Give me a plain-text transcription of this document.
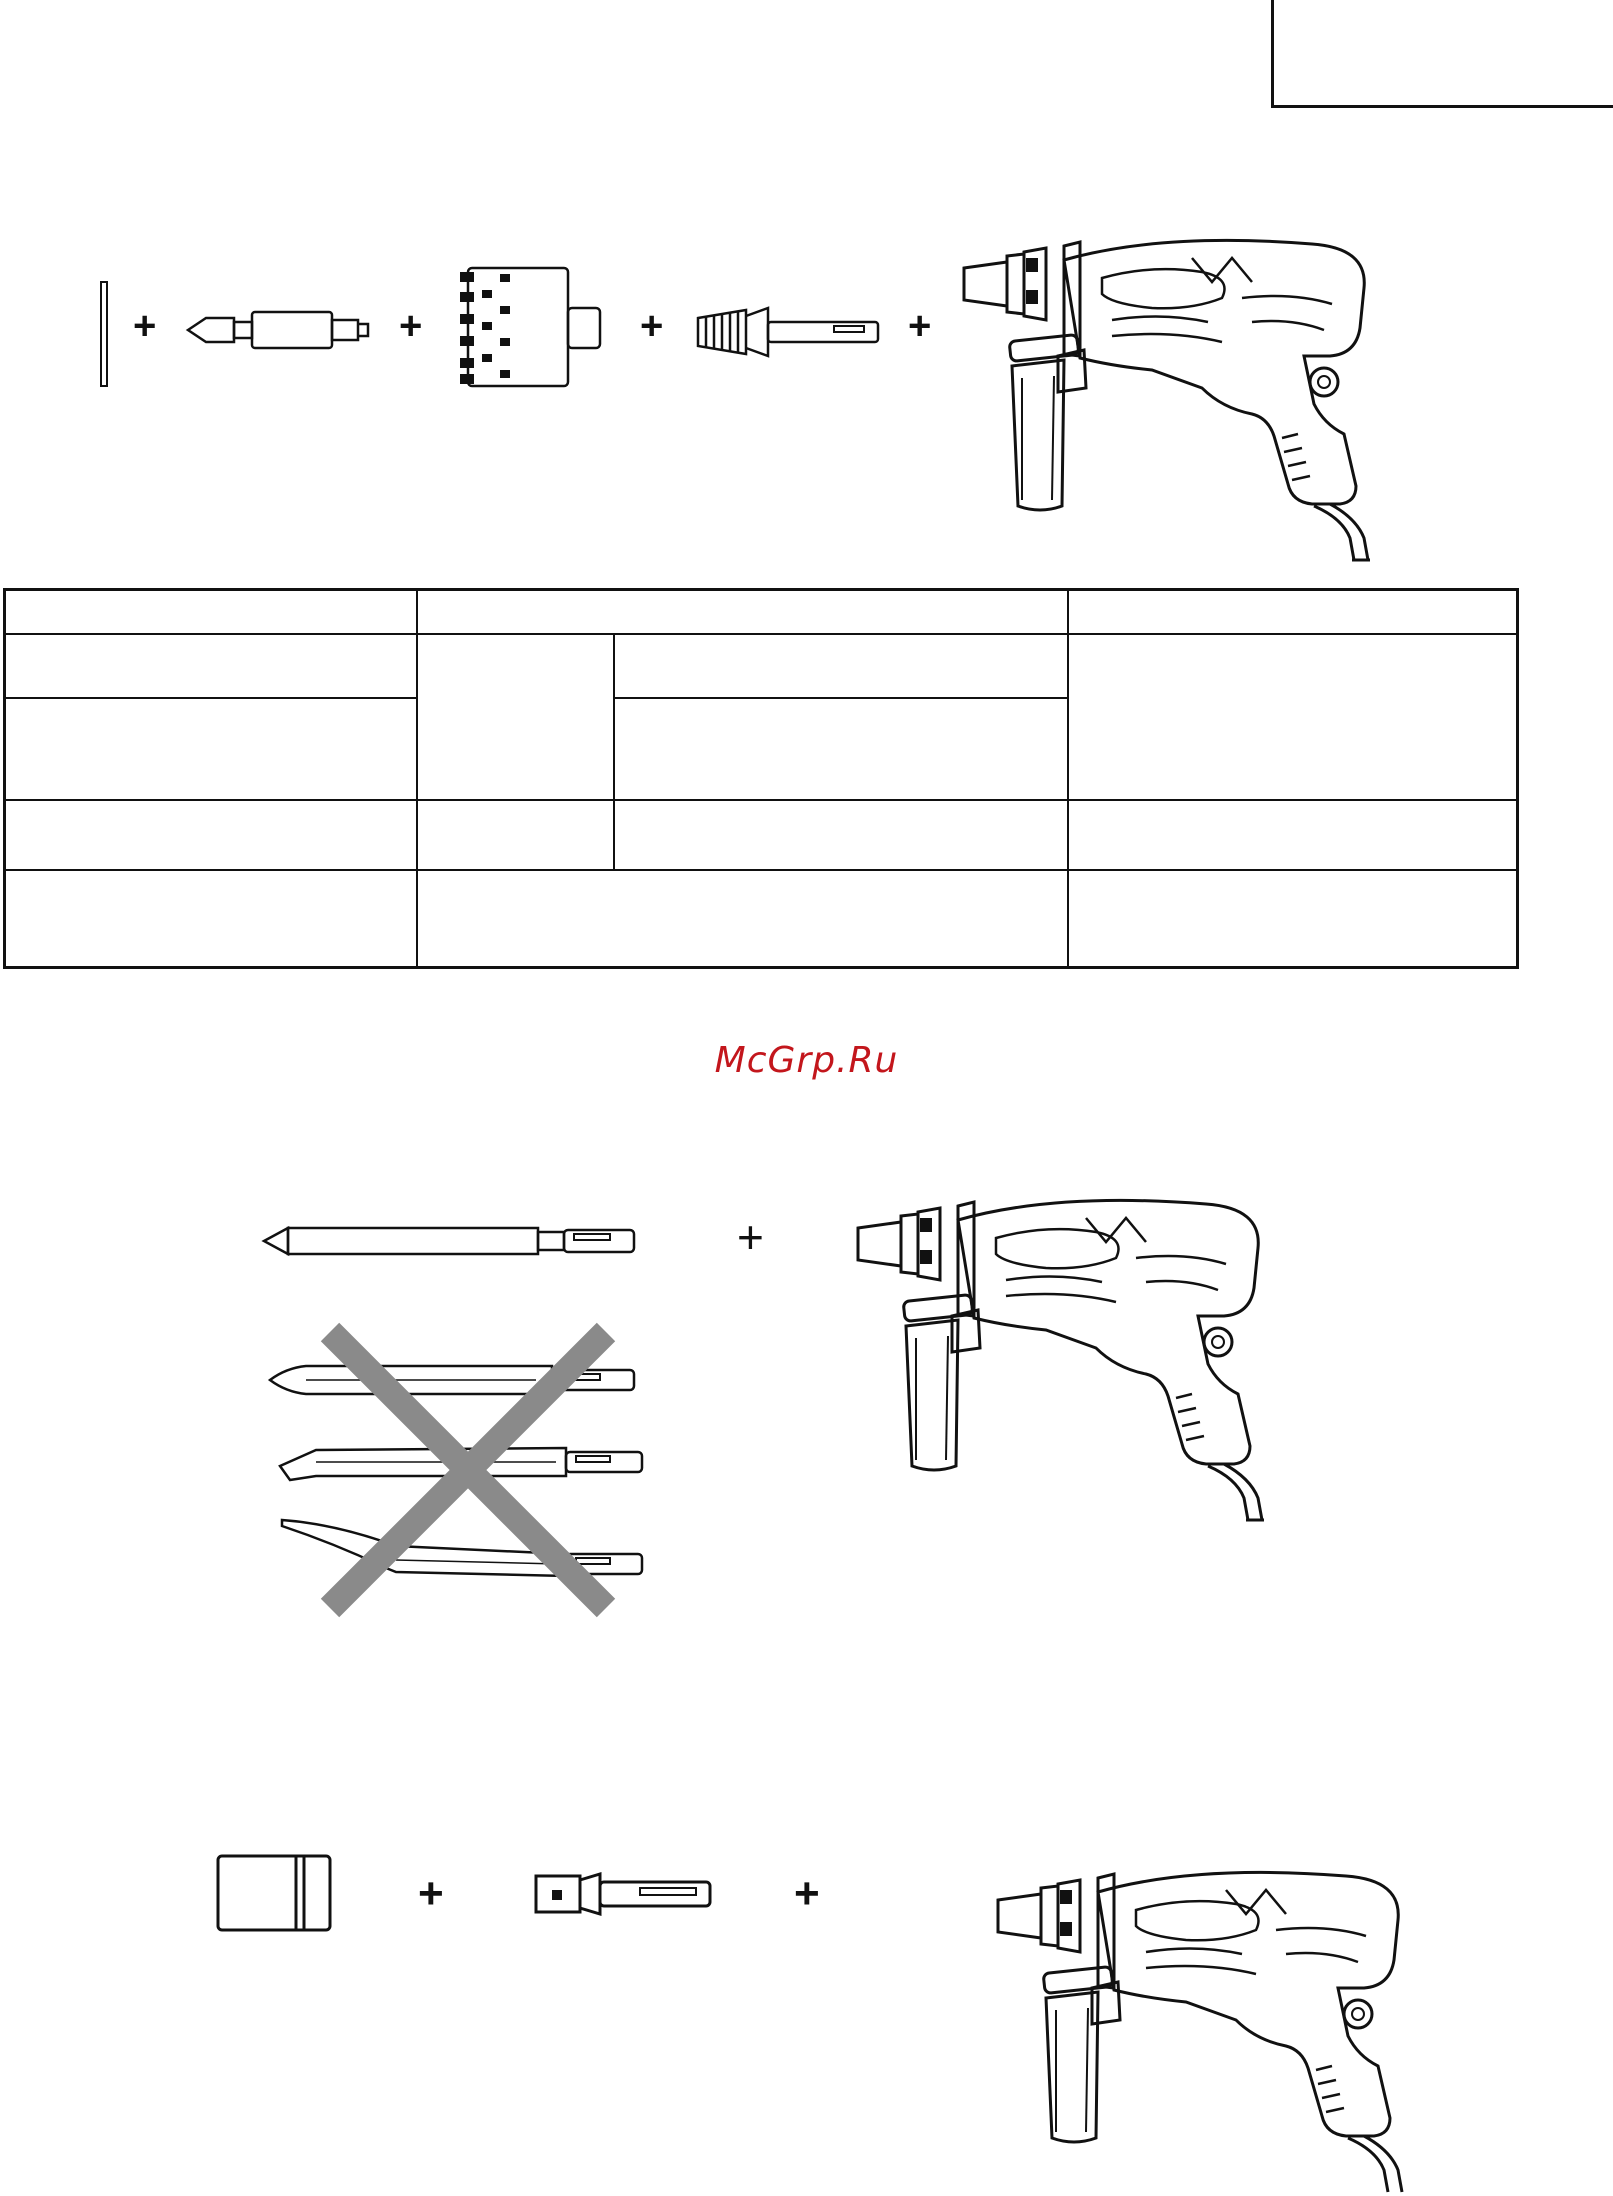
+	+	+	+

McGrp.Ru
+
+	+
